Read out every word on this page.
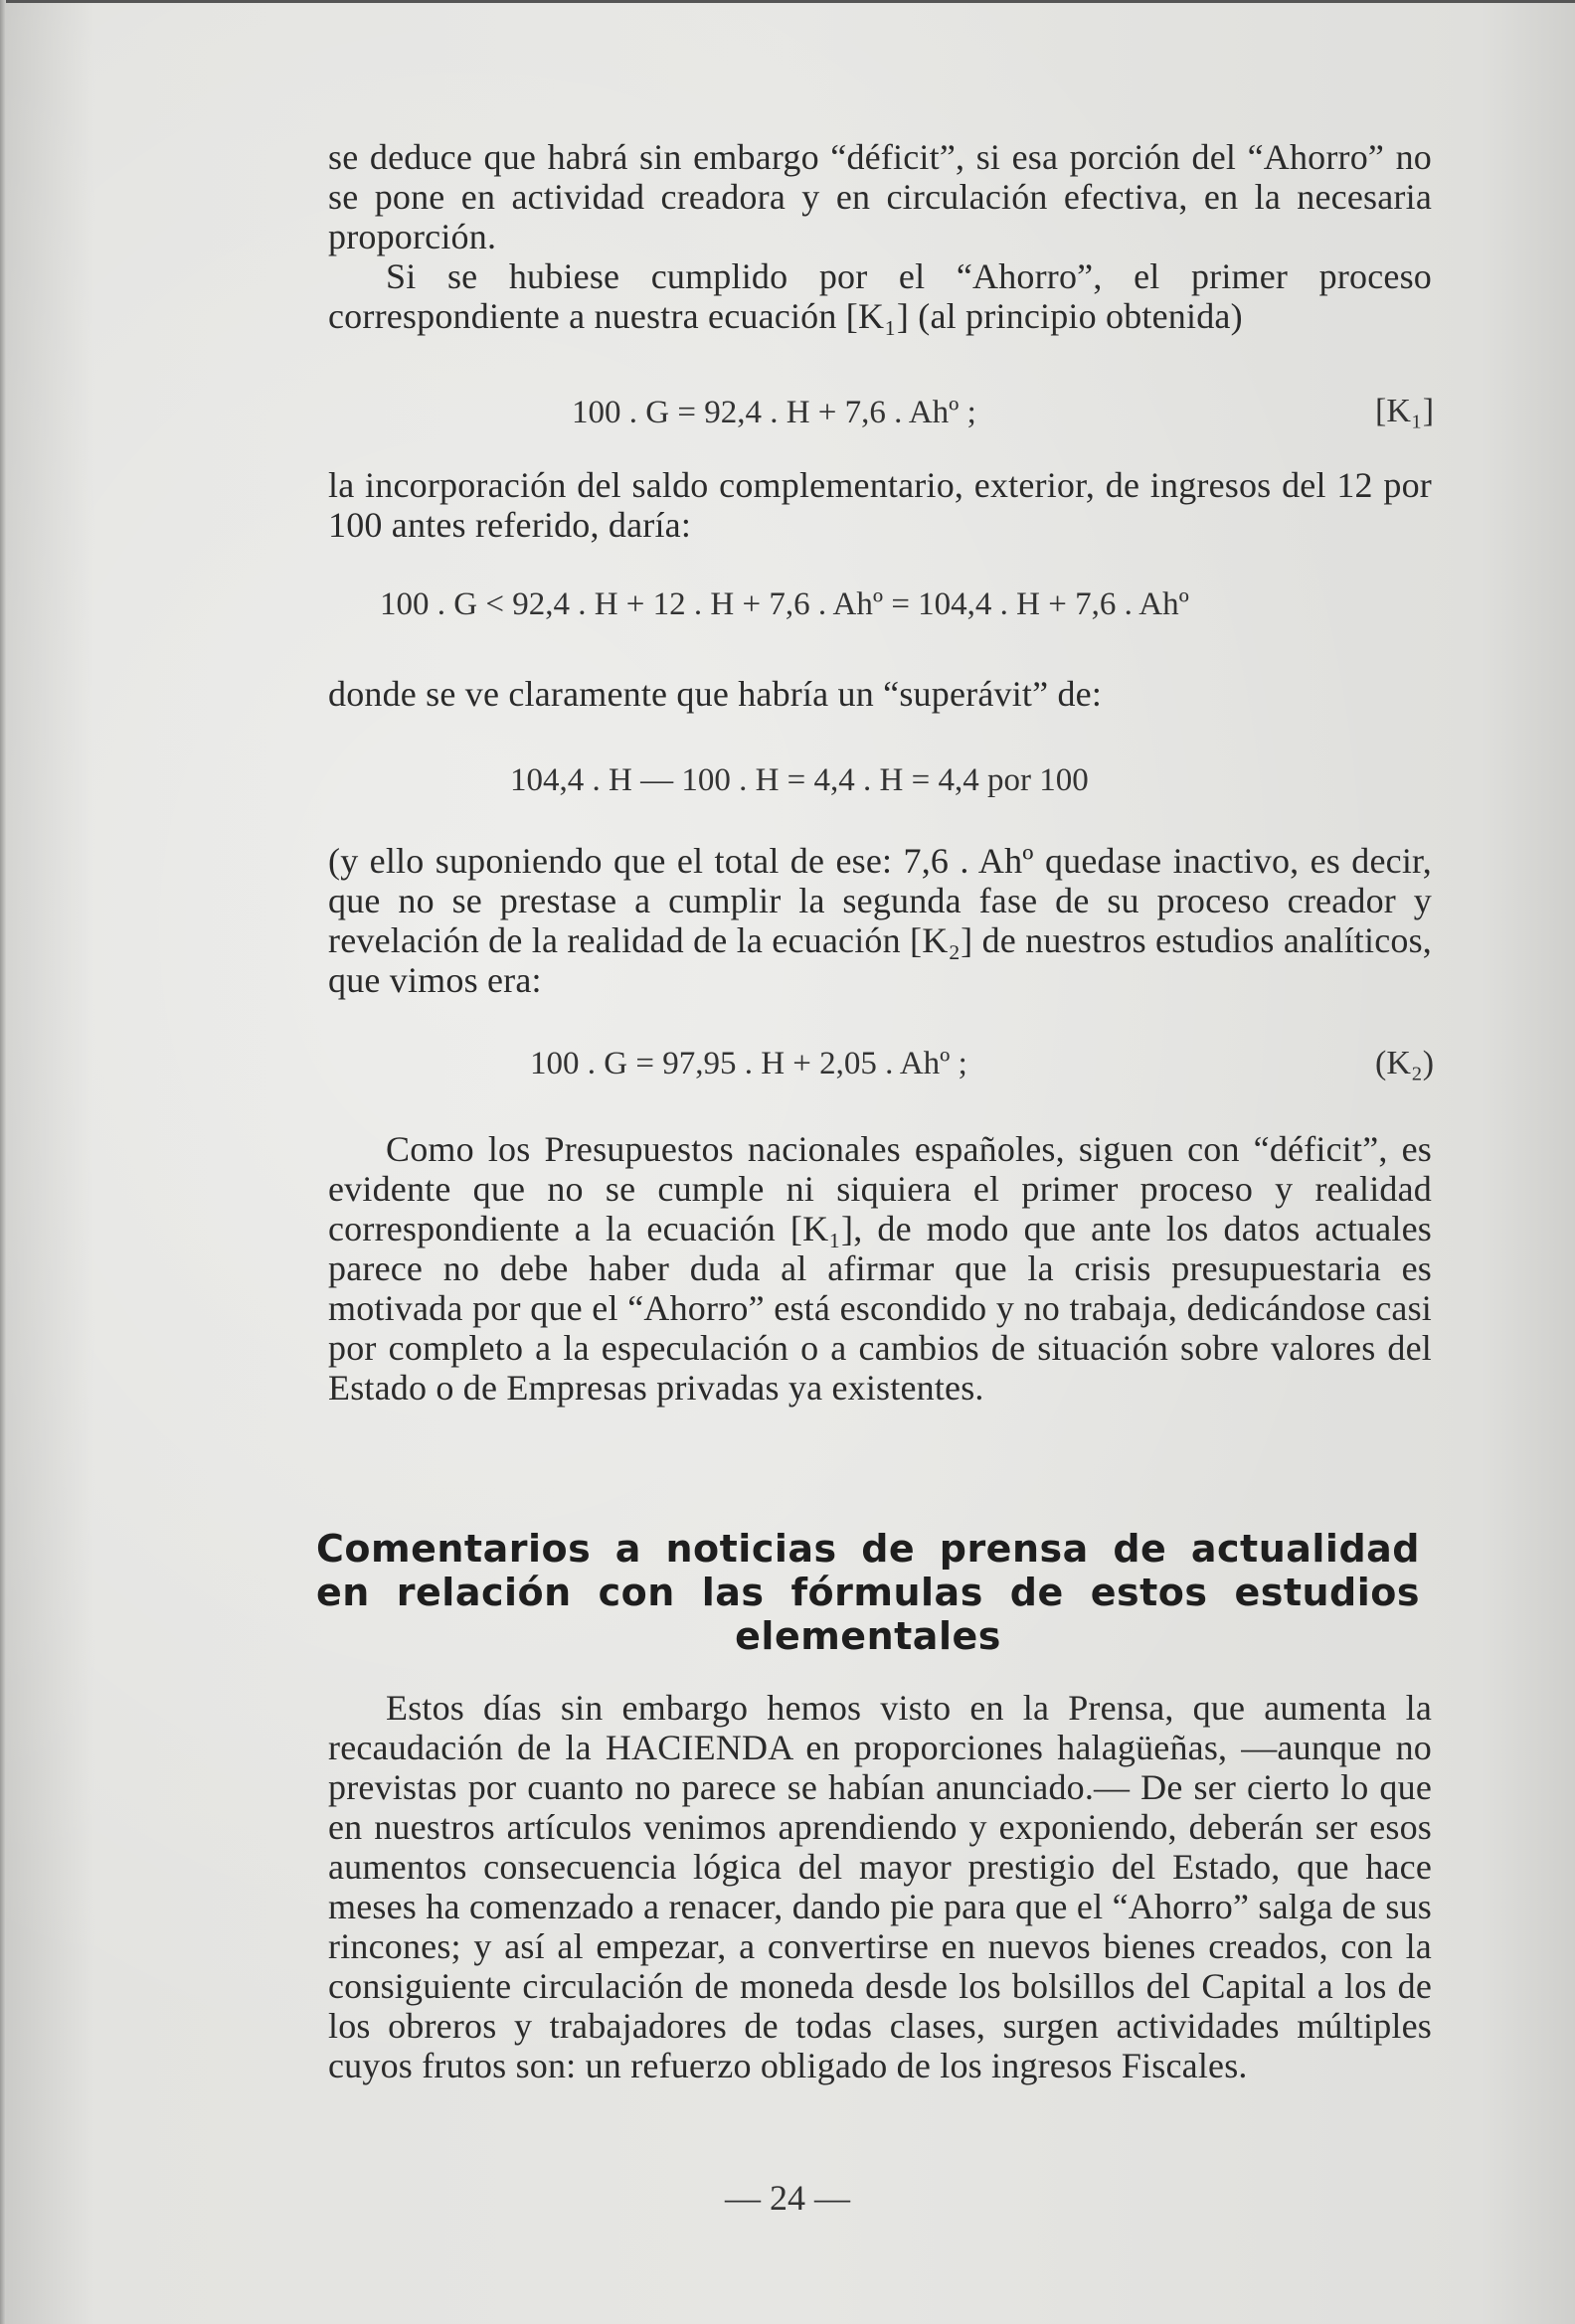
se deduce que habrá sin embargo “déficit”, si esa porción del “Ahorro” no se pone en actividad creadora y en circulación efectiva, en la necesaria proporción.

Si se hubiese cumplido por el “Ahorro”, el primer proceso correspondiente a nuestra ecuación [K₁] (al principio obtenida)

100 . G = 92,4 . H + 7,6 . Ahº ;	[K₁]
la incorporación del saldo complementario, exterior, de ingresos del 12 por 100 antes referido, daría:
100 . G < 92,4 . H + 12 . H + 7,6 . Ahº = 104,4 . H + 7,6 . Ahº
donde se ve claramente que habría un “superávit” de:
104,4 . H — 100 . H = 4,4 . H = 4,4 por 100
(y ello suponiendo que el total de ese: 7,6 . Ahº quedase inactivo, es decir, que no se prestase a cumplir la segunda fase de su proceso creador y revelación de la realidad de la ecuación [K₂] de nuestros estudios analíticos, que vimos era:
100 . G = 97,95 . H + 2,05 . Ahº ;	(K₂)
Como los Presupuestos nacionales españoles, siguen con “déficit”, es evidente que no se cumple ni siquiera el primer proceso y realidad correspondiente a la ecuación [K₁], de modo que ante los datos actuales parece no debe haber duda al afirmar que la crisis presupuestaria es motivada por que el “Ahorro” está escondido y no trabaja, dedicándose casi por completo a la especulación o a cambios de situación sobre valores del Estado o de Empresas privadas ya existentes.
Comentarios a noticias de prensa de actualidad
en relación con las fórmulas de estos estudios
elementales
Estos días sin embargo hemos visto en la Prensa, que aumenta la recaudación de la HACIENDA en proporciones halagüeñas, —aunque no previstas por cuanto no parece se habían anunciado.— De ser cierto lo que en nuestros artículos venimos aprendiendo y exponiendo, deberán ser esos aumentos consecuencia lógica del mayor prestigio del Estado, que hace meses ha comenzado a renacer, dando pie para que el “Ahorro” salga de sus rincones; y así al empezar, a convertirse en nuevos bienes creados, con la consiguiente circulación de moneda desde los bolsillos del Capital a los de los obreros y trabajadores de todas clases, surgen actividades múltiples cuyos frutos son: un refuerzo obligado de los ingresos Fiscales.
— 24 —
